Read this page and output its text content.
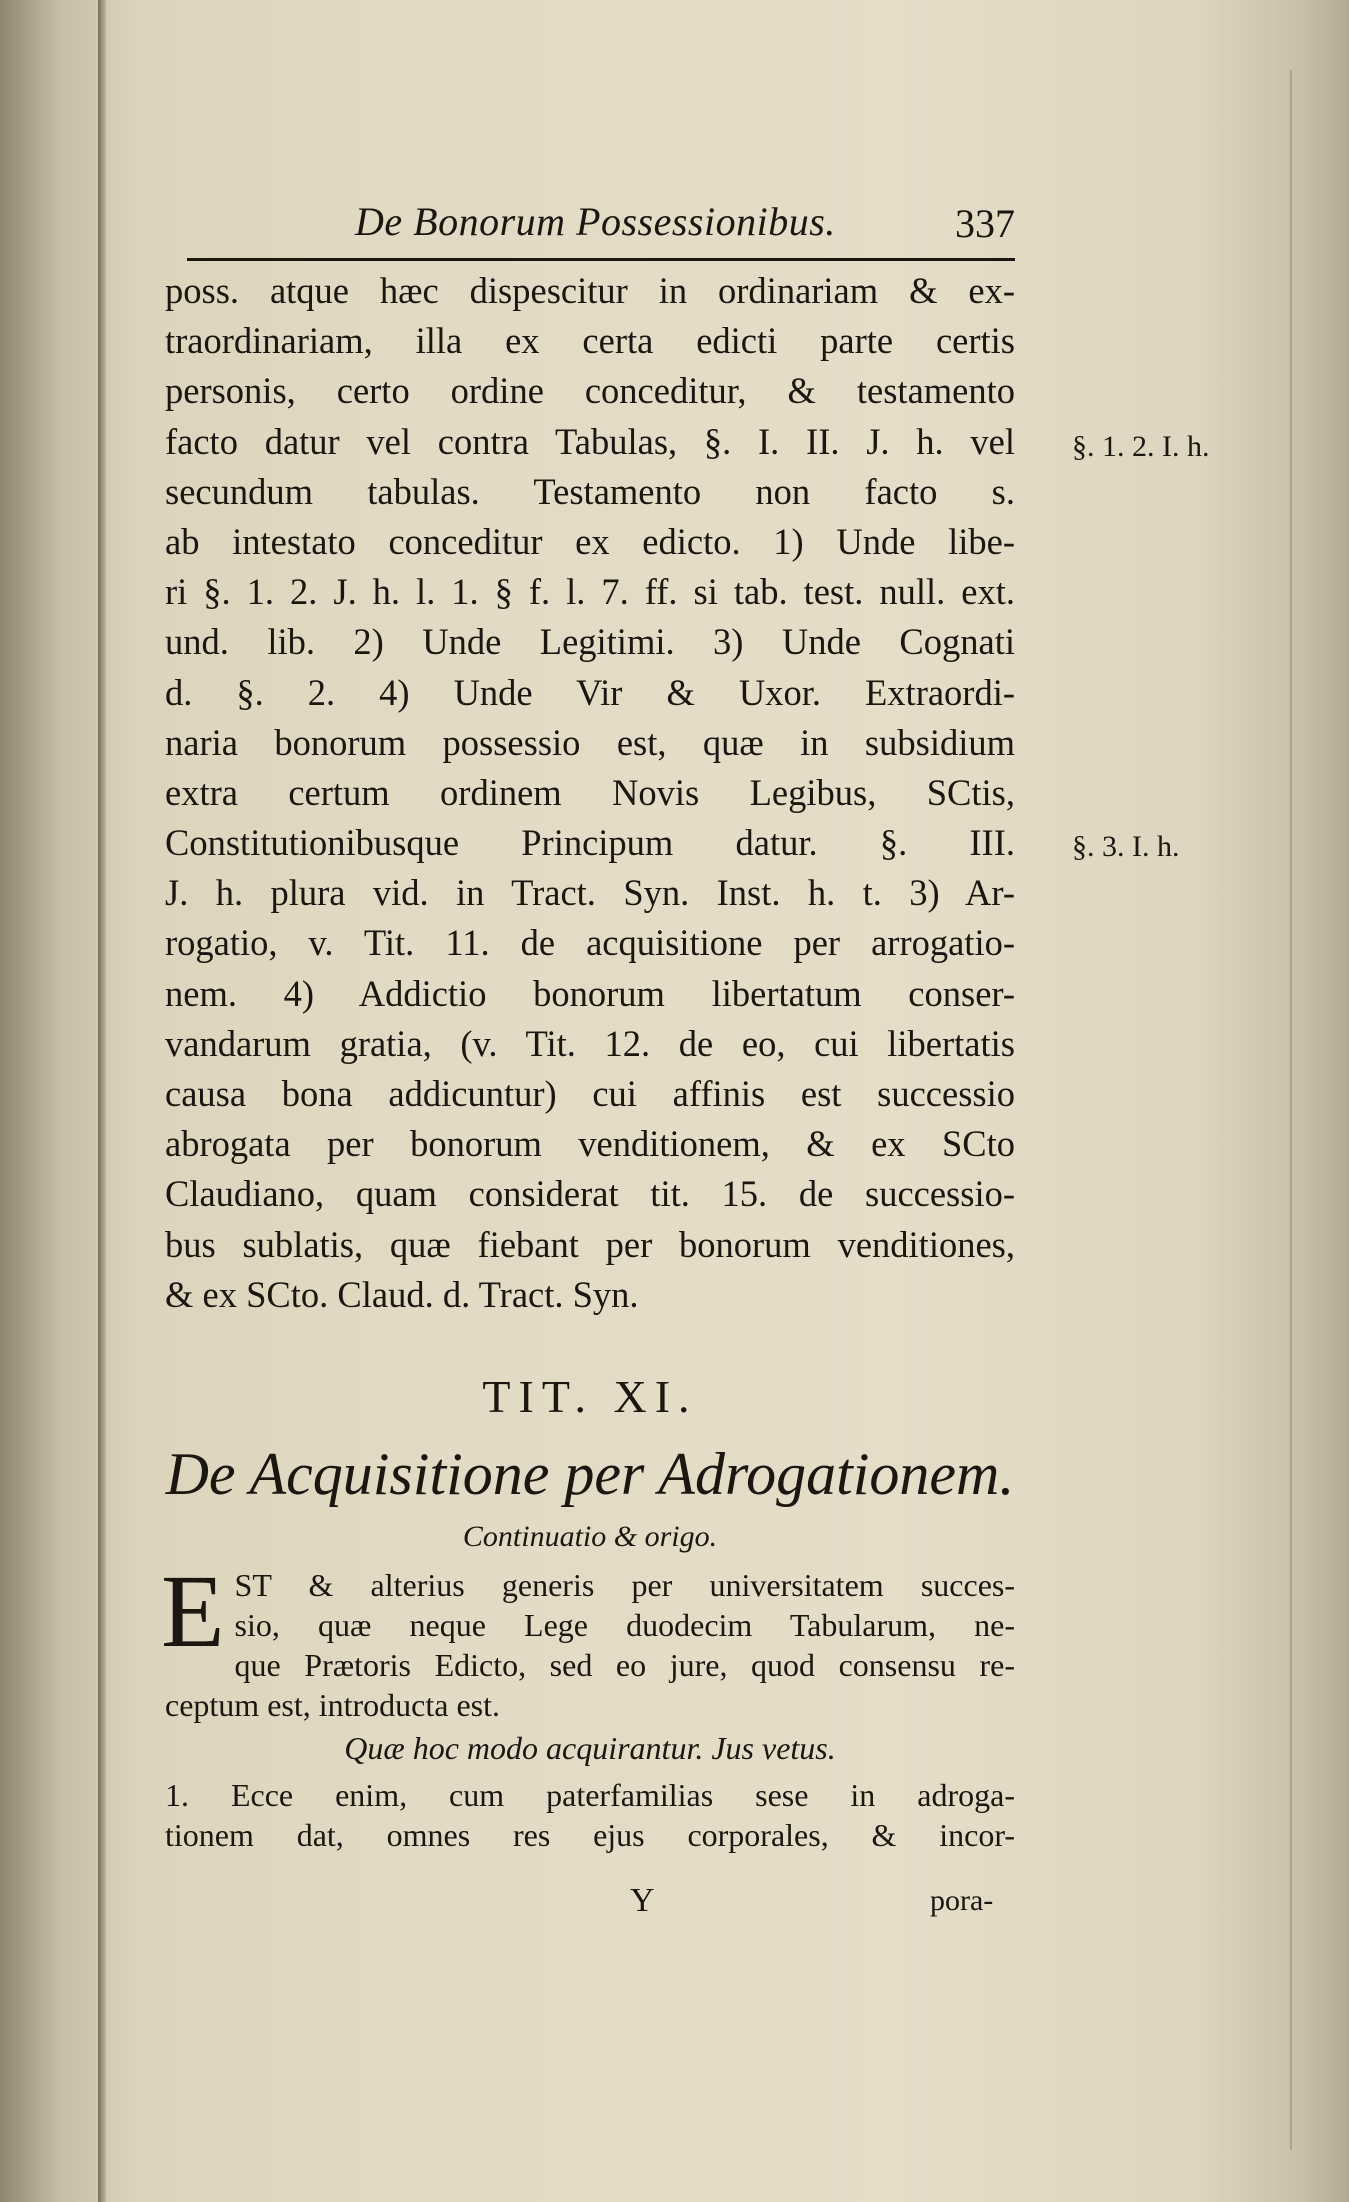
De Bonorum Possessionibus.	337
poss. atque hæc dispescitur in ordinariam & ex-
traordinariam, illa ex certa edicti parte certis
personis, certo ordine conceditur, & testamento
facto datur vel contra Tabulas, §. I. II. J. h. vel
secundum tabulas. Testamento non facto s.
ab intestato conceditur ex edicto. 1) Unde libe-
ri §. 1. 2. J. h. l. 1. § f. l. 7. ff. si tab. test. null. ext.
und. lib. 2) Unde Legitimi. 3) Unde Cognati
d. §. 2. 4) Unde Vir & Uxor. Extraordi-
naria bonorum possessio est, quæ in subsidium
extra certum ordinem Novis Legibus, SCtis,
Constitutionibusque Principum datur. §. III.
J. h. plura vid. in Tract. Syn. Inst. h. t. 3) Ar-
rogatio, v. Tit. 11. de acquisitione per arrogatio-
nem. 4) Addictio bonorum libertatum conser-
vandarum gratia, (v. Tit. 12. de eo, cui libertatis
causa bona addicuntur) cui affinis est successio
abrogata per bonorum venditionem, & ex SCto
Claudiano, quam considerat tit. 15. de successio-
bus sublatis, quæ fiebant per bonorum venditiones,
& ex SCto. Claud. d. Tract. Syn.
TIT. XI.
De Acquisitione per Adrogationem.
Continuatio & origo.
E ST & alterius generis per universitatem succes-
sio, quæ neque Lege duodecim Tabularum, ne-
que Prætoris Edicto, sed eo jure, quod consensu re-
ceptum est, introducta est.
Quæ hoc modo acquirantur. Jus vetus.
1. Ecce enim, cum paterfamilias sese in adroga-
tionem dat, omnes res ejus corporales, & incor-
Y	pora-
§. 1. 2. I. h.
§. 3. I. h.
